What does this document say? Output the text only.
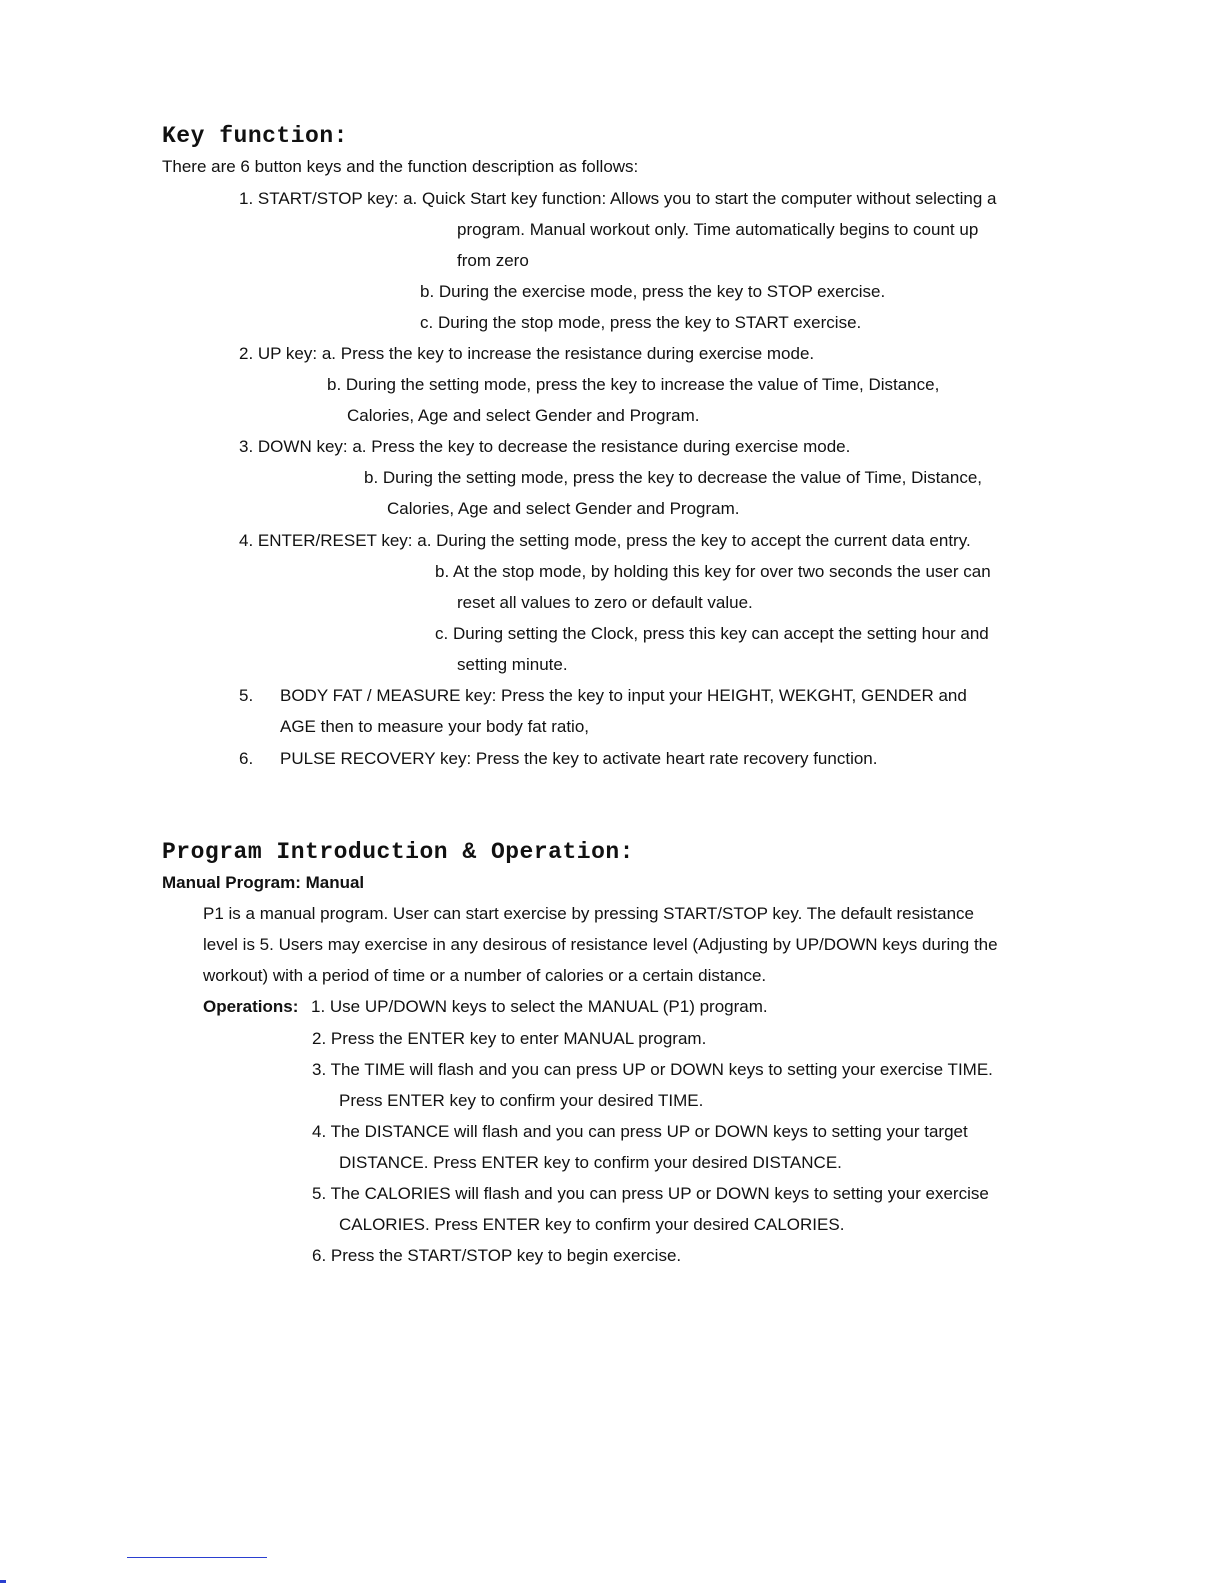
Key function:
There are 6 button keys and the function description as follows:
1. START/STOP key: a. Quick Start key function: Allows you to start the computer without selecting a
program. Manual workout only. Time automatically begins to count up
from zero
b. During the exercise mode, press the key to STOP exercise.
c. During the stop mode, press the key to START exercise.
2. UP key: a. Press the key to increase the resistance during exercise mode.
b. During the setting mode, press the key to increase the value of Time, Distance,
Calories, Age and select Gender and Program.
3. DOWN key: a. Press the key to decrease the resistance during exercise mode.
b. During the setting mode, press the key to decrease the value of Time, Distance,
Calories, Age and select Gender and Program.
4. ENTER/RESET key: a. During the setting mode, press the key to accept the current data entry.
b. At the stop mode, by holding this key for over two seconds the user can
reset all values to zero or default value.
c. During setting the Clock, press this key can accept the setting hour and
setting minute.
5. BODY FAT / MEASURE key: Press the key to input your HEIGHT, WEKGHT, GENDER and
AGE then to measure your body fat ratio,
6. PULSE RECOVERY key: Press the key to activate heart rate recovery function.
Program Introduction & Operation:
Manual Program: Manual
P1 is a manual program. User can start exercise by pressing START/STOP key. The default resistance
level is 5. Users may exercise in any desirous of resistance level (Adjusting by UP/DOWN keys during the
workout) with a period of time or a number of calories or a certain distance.
Operations: 1. Use UP/DOWN keys to select the MANUAL (P1) program.
2. Press the ENTER key to enter MANUAL program.
3. The TIME will flash and you can press UP or DOWN keys to setting your exercise TIME.
Press ENTER key to confirm your desired TIME.
4. The DISTANCE will flash and you can press UP or DOWN keys to setting your target
DISTANCE. Press ENTER key to confirm your desired DISTANCE.
5. The CALORIES will flash and you can press UP or DOWN keys to setting your exercise
CALORIES. Press ENTER key to confirm your desired CALORIES.
6. Press the START/STOP key to begin exercise.
